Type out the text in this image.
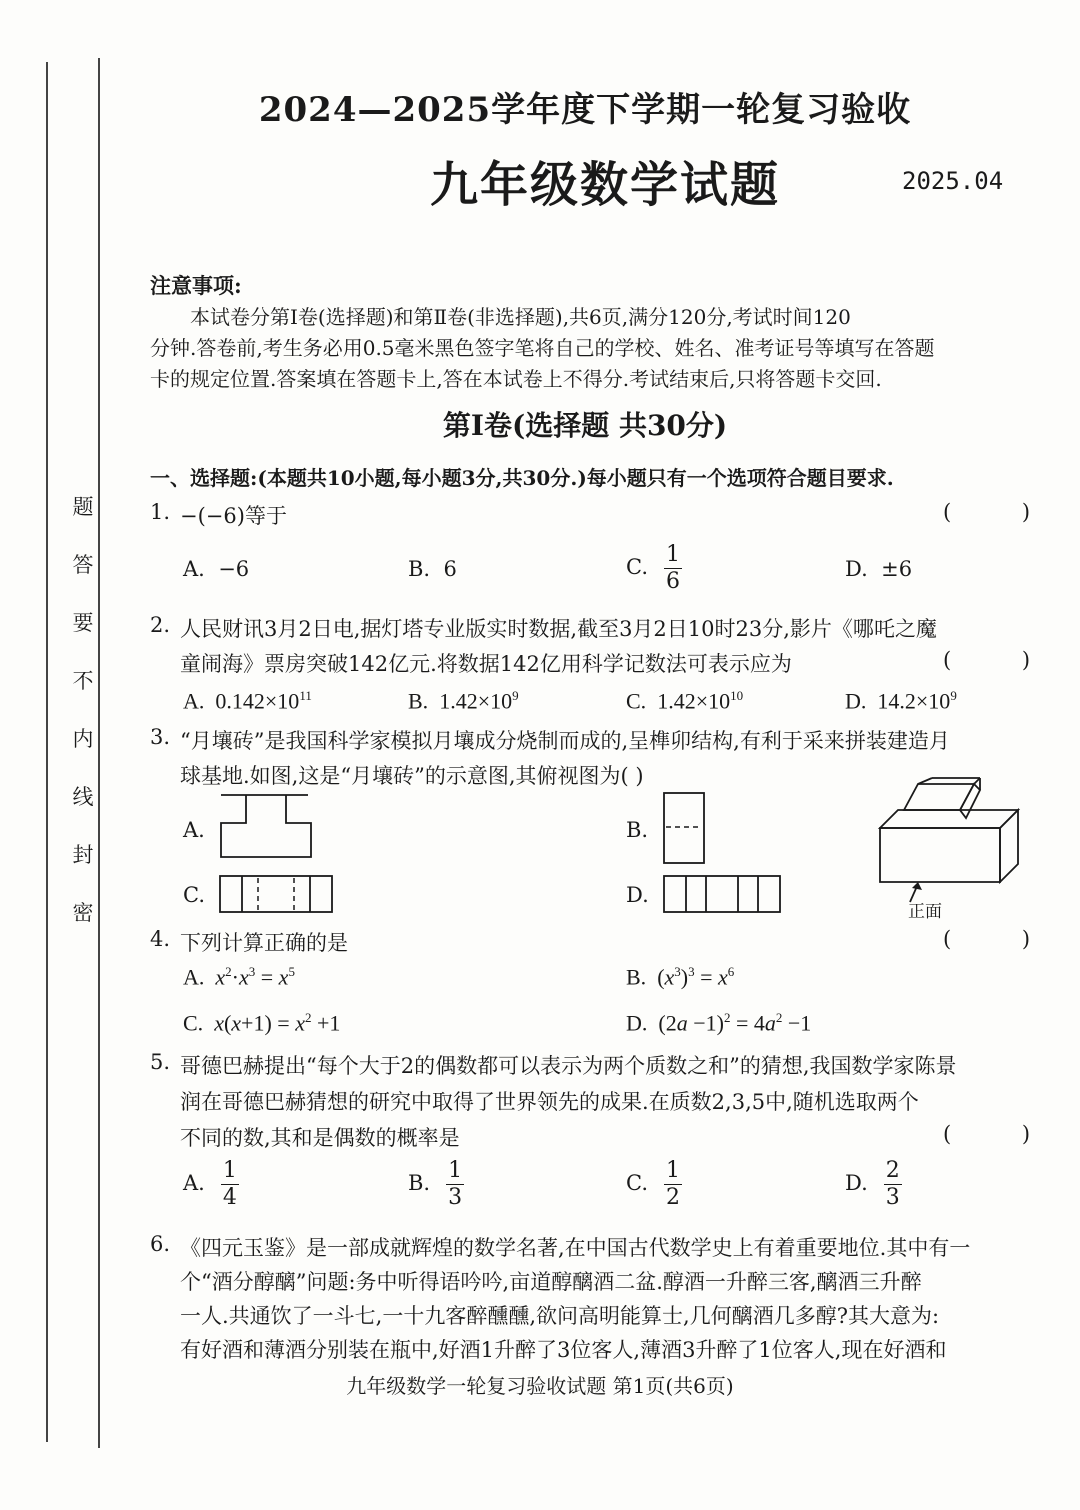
题
答
要
不
内
线
封
密
2024—2025学年度下学期一轮复习验收
九年级数学试题	2025.04
注意事项:
本试卷分第Ⅰ卷(选择题)和第Ⅱ卷(非选择题),共6页,满分120分,考试时间120
分钟.答卷前,考生务必用0.5毫米黑色签字笔将自己的学校、姓名、准考证号等填写在答题
卡的规定位置.答案填在答题卡上,答在本试卷上不得分.考试结束后,只将答题卡交回.
第Ⅰ卷(选择题 共30分)
一、选择题:(本题共10小题,每小题3分,共30分.)每小题只有一个选项符合题目要求.
1. −(−6)等于	( )
A. −6	B. 6	C. $\frac{1}{6}$	D. ±6
2. 人民财讯3月2日电,据灯塔专业版实时数据,截至3月2日10时23分,影片《哪吒之魔
童闹海》票房突破142亿元.将数据142亿用科学记数法可表示应为	( )
A. $0.142\times 10^{11}$	B. $1.42\times 10^9$	C. $1.42\times 10^{10}$	D. $14.2\times 10^9$
3. “月壤砖”是我国科学家模拟月壤成分烧制而成的,呈榫卯结构,有利于采来拼装建造月
球基地.如图,这是“月壤砖”的示意图,其俯视图为( )
A.	B.
C.	D.
正面
4. 下列计算正确的是	( )
A. $x^2\cdot x^3 = x^5$	B.  $(x^3)^3 = x^6$
C. $x(x+1) = x^2 +1$	D.  $(2a -1)^2 = 4a^2 -1$
5. 哥德巴赫提出“每个大于2的偶数都可以表示为两个质数之和”的猜想,我国数学家陈景
润在哥德巴赫猜想的研究中取得了世界领先的成果.在质数2,3,5中,随机选取两个
不同的数,其和是偶数的概率是	( )
A. $\frac{1}{4}$	B. $\frac{1}{3}$	C. $\frac{1}{2}$	D. $\frac{2}{3}$
6. 《四元玉鉴》是一部成就辉煌的数学名著,在中国古代数学史上有着重要地位.其中有一
个“酒分醇醨”问题:务中听得语吟吟,亩道醇醨酒二盆.醇酒一升醉三客,醨酒三升醉
一人.共通饮了一斗七,一十九客醉醺醺,欲问高明能算士,几何醨酒几多醇?其大意为:
有好酒和薄酒分别装在瓶中,好酒1升醉了3位客人,薄酒3升醉了1位客人,现在好酒和
九年级数学一轮复习验收试题 第1页(共6页)
